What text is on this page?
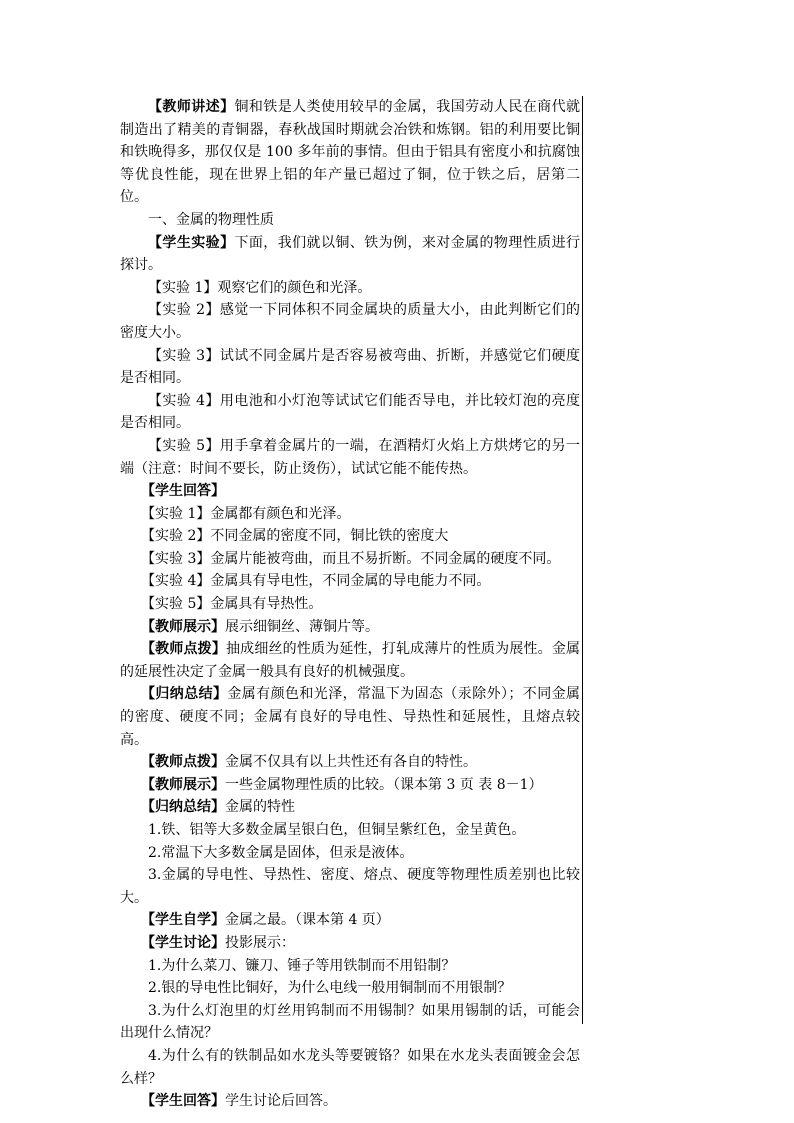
【教师讲述】铜和铁是人类使用较早的金属，我国劳动人民在商代就制造出了精美的青铜器，春秋战国时期就会冶铁和炼钢。铝的利用要比铜和铁晚得多，那仅仅是 100 多年前的事情。但由于铝具有密度小和抗腐蚀等优良性能，现在世界上铝的年产量已超过了铜，位于铁之后，居第二位。

一、金属的物理性质

【学生实验】下面，我们就以铜、铁为例，来对金属的物理性质进行探讨。

【实验 1】观察它们的颜色和光泽。

【实验 2】感觉一下同体积不同金属块的质量大小，由此判断它们的密度大小。

【实验 3】试试不同金属片是否容易被弯曲、折断，并感觉它们硬度是否相同。

【实验 4】用电池和小灯泡等试试它们能否导电，并比较灯泡的亮度是否相同。

【实验 5】用手拿着金属片的一端，在酒精灯火焰上方烘烤它的另一端（注意：时间不要长，防止烫伤），试试它能不能传热。

【学生回答】

【实验 1】金属都有颜色和光泽。

【实验 2】不同金属的密度不同，铜比铁的密度大

【实验 3】金属片能被弯曲，而且不易折断。不同金属的硬度不同。

【实验 4】金属具有导电性，不同金属的导电能力不同。

【实验 5】金属具有导热性。

【教师展示】展示细铜丝、薄铜片等。

【教师点拨】抽成细丝的性质为延性，打轧成薄片的性质为展性。金属的延展性决定了金属一般具有良好的机械强度。

【归纳总结】金属有颜色和光泽，常温下为固态（汞除外）；不同金属的密度、硬度不同；金属有良好的导电性、导热性和延展性，且熔点较高。

【教师点拨】金属不仅具有以上共性还有各自的特性。

【教师展示】一些金属物理性质的比较。（课本第 3 页 表 8－1）

【归纳总结】金属的特性

1.铁、铝等大多数金属呈银白色，但铜呈紫红色，金呈黄色。

2.常温下大多数金属是固体，但汞是液体。

3.金属的导电性、导热性、密度、熔点、硬度等物理性质差别也比较大。

【学生自学】金属之最。（课本第 4 页）

【学生讨论】投影展示：

1.为什么菜刀、镰刀、锤子等用铁制而不用铅制？

2.银的导电性比铜好，为什么电线一般用铜制而不用银制？

3.为什么灯泡里的灯丝用钨制而不用锡制？如果用锡制的话，可能会出现什么情况？

4.为什么有的铁制品如水龙头等要镀铬？如果在水龙头表面镀金会怎么样？

【学生回答】学生讨论后回答。
